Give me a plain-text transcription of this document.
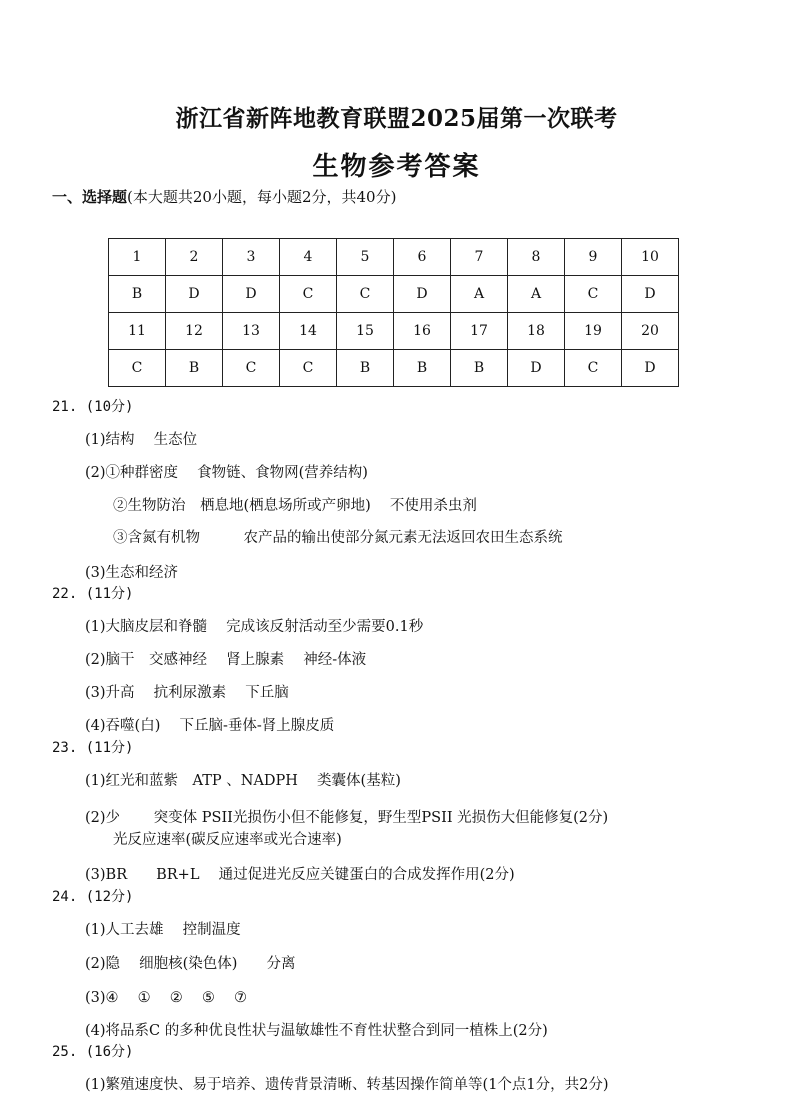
浙江省新阵地教育联盟2025届第一次联考
生物参考答案
一、选择题(本大题共20小题，每小题2分，共40分)
1	2	3	4	5	6	7	8	9	10
B	D	D	C	C	D	A	A	C	D
11	12	13	14	15	16	17	18	19	20
C	B	C	C	B	B	B	D	C	D
21. (10分)
(1)结构　 生态位
(2)①种群密度　 食物链、食物网(营养结构)
②生物防治　栖息地(栖息场所或产卵地)　 不使用杀虫剂
③含氮有机物　　　农产品的输出使部分氮元素无法返回农田生态系统
(3)生态和经济
22. (11分)
(1)大脑皮层和脊髓　 完成该反射活动至少需要0.1秒
(2)脑干　交感神经　 肾上腺素　 神经-体液
(3)升高　 抗利尿激素　 下丘脑
(4)吞噬(白)　 下丘脑-垂体-肾上腺皮质
23. (11分)
(1)红光和蓝紫　ATP 、NADPH　 类囊体(基粒)
(2)少　　 突变体 PSII光损伤小但不能修复，野生型PSII 光损伤大但能修复(2分)
光反应速率(碳反应速率或光合速率)
(3)BR　　BR+L　 通过促进光反应关键蛋白的合成发挥作用(2分)
24. (12分)
(1)人工去雄　 控制温度
(2)隐　 细胞核(染色体)　　分离
(3)④　 ①　 ②　 ⑤　 ⑦
(4)将品系C 的多种优良性状与温敏雄性不育性状整合到同一植株上(2分)
25. (16分)
(1)繁殖速度快、易于培养、遗传背景清晰、转基因操作简单等(1个点1分，共2分)
